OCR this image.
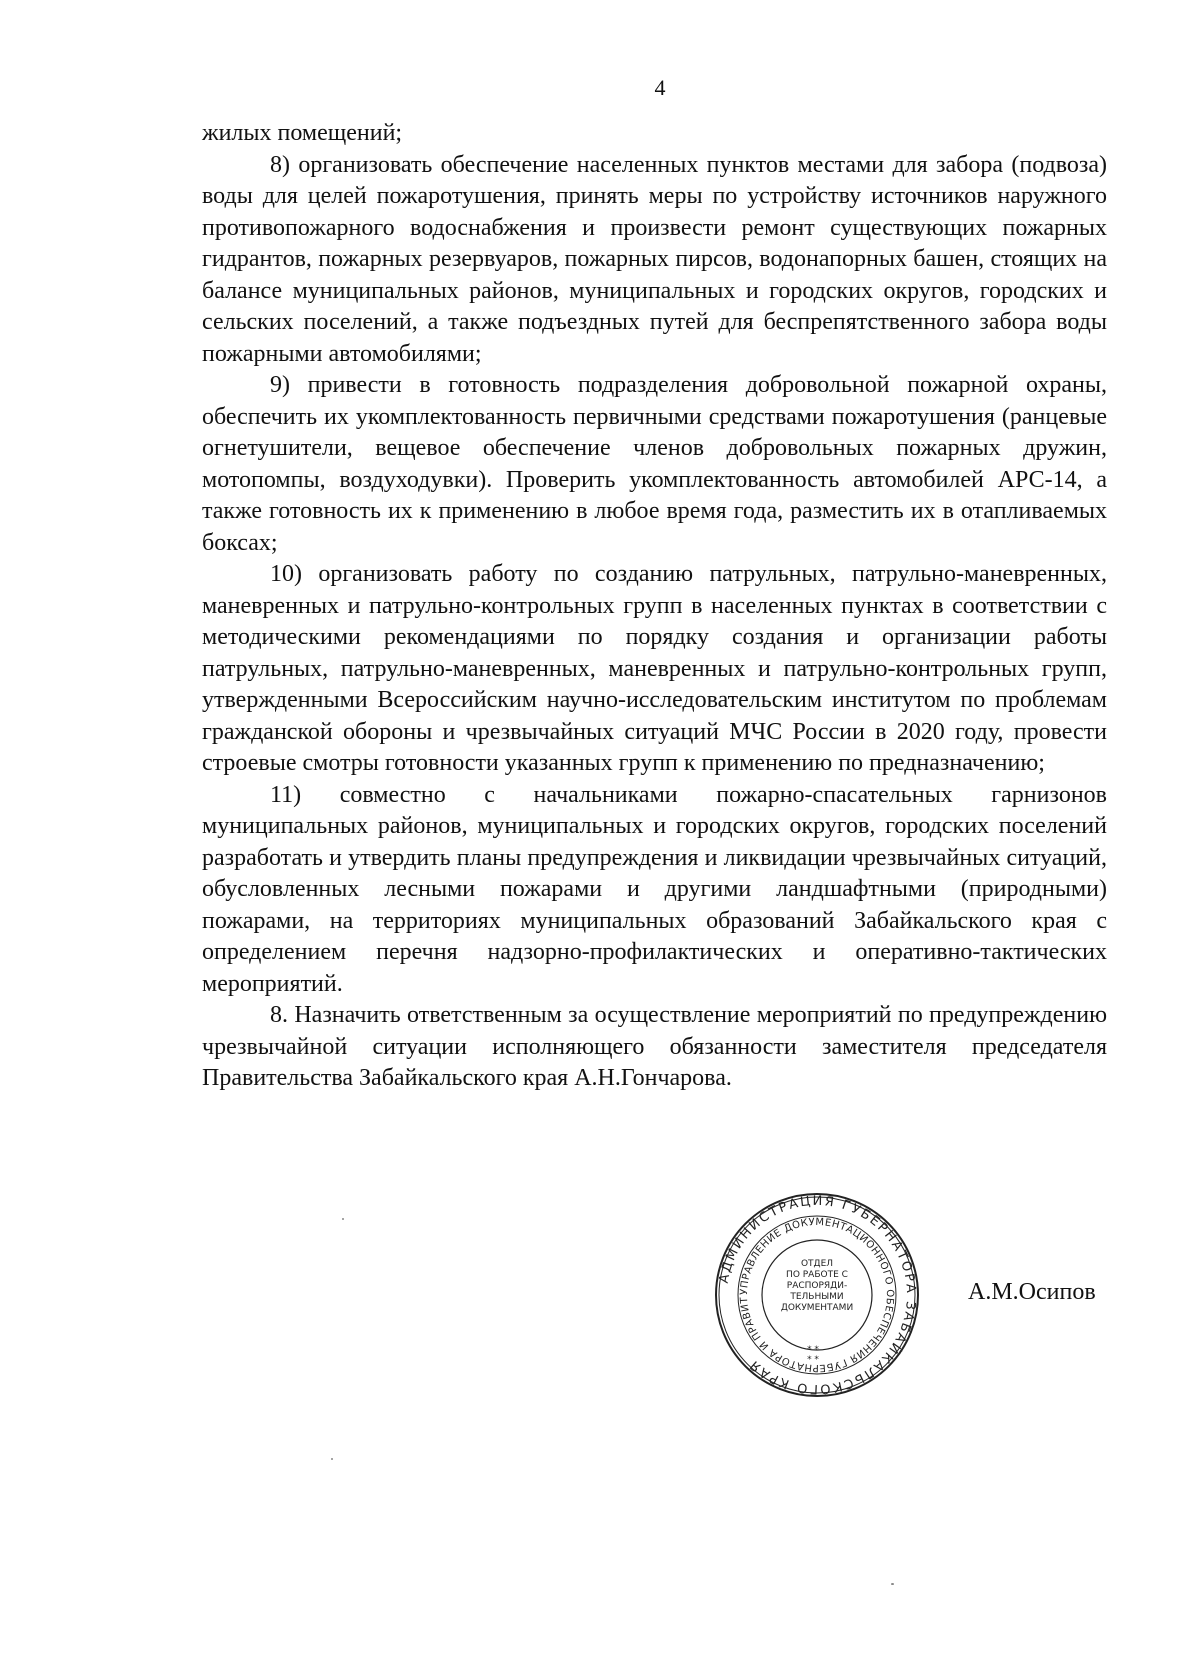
4

жилых помещений;

8) организовать обеспечение населенных пунктов местами для забора (подвоза) воды для целей пожаротушения, принять меры по устройству источников наружного противопожарного водоснабжения и произвести ремонт существующих пожарных гидрантов, пожарных резервуаров, пожарных пирсов, водонапорных башен, стоящих на балансе муниципальных районов, муниципальных и городских округов, городских и сельских поселений, а также подъездных путей для беспрепятственного забора воды пожарными автомобилями;

9) привести в готовность подразделения добровольной пожарной охраны, обеспечить их укомплектованность первичными средствами пожаротушения (ранцевые огнетушители, вещевое обеспечение членов добровольных пожарных дружин, мотопомпы, воздуходувки). Проверить укомплектованность автомобилей АРС-14, а также готовность их к применению в любое время года, разместить их в отапливаемых боксах;

10) организовать работу по созданию патрульных, патрульно-маневренных, маневренных и патрульно-контрольных групп в населенных пунктах в соответствии с методическими рекомендациями по порядку создания и организации работы патрульных, патрульно-маневренных, маневренных и патрульно-контрольных групп, утвержденными Всероссийским научно-исследовательским институтом по проблемам гражданской обороны и чрезвычайных ситуаций МЧС России в 2020 году, провести строевые смотры готовности указанных групп к применению по предназначению;

11) совместно с начальниками пожарно-спасательных гарнизонов муниципальных районов, муниципальных и городских округов, городских поселений разработать и утвердить планы предупреждения и ликвидации чрезвычайных ситуаций, обусловленных лесными пожарами и другими ландшафтными (природными) пожарами, на территориях муниципальных образований Забайкальского края с определением перечня надзорно-профилактических и оперативно-тактических мероприятий.

8. Назначить ответственным за осуществление мероприятий по предупреждению чрезвычайной ситуации исполняющего обязанности заместителя председателя Правительства Забайкальского края А.Н.Гончарова.

АДМИНИСТРАЦИЯ ГУБЕРНАТОРА ЗАБАЙКАЛЬСКОГО КРАЯ
УПРАВЛЕНИЕ ДОКУМЕНТАЦИОННОГО ОБЕСПЕЧЕНИЯ ГУБЕРНАТОРА И ПРАВИТ
* *
* *
ОТДЕЛ ПО РАБОТЕ С РАСПОРЯДИ-ТЕЛЬНЫМИ ДОКУМЕНТАМИ
А.М.Осипов
